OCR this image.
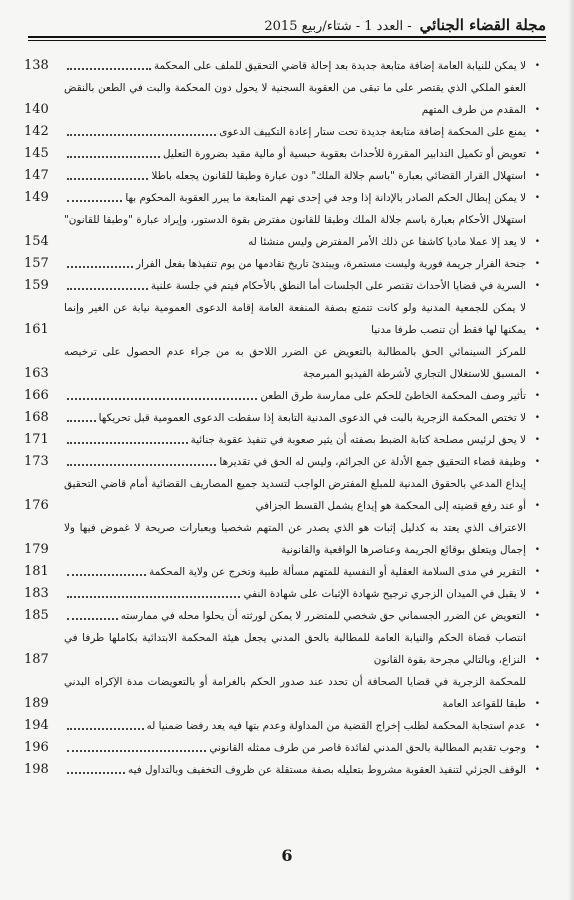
مجلة القضاء الجنائي
- العدد 1 - شتاء/ربيع 2015
•
لا يمكن للنيابة العامة إضافة متابعة جديدة بعد إحالة قاضي التحقيق للملف على المحكمة
138
•
العفو الملكي الذي يقتصر على ما تبقى من العقوبة السجنية لا يحول دون المحكمة والبت في الطعن بالنقض المقدم من طرف المتهم
140
•
يمنع على المحكمة إضافة متابعة جديدة تحت ستار إعادة التكييف الدعوى
142
•
تعويض أو تكميل التدابير المقررة للأحداث بعقوبة حبسية أو مالية مقيد بضرورة التعليل
145
•
استهلال القرار القضائي بعبارة "باسم جلالة الملك" دون عبارة وطبقا للقانون يجعله باطلا
147
•
لا يمكن إبطال الحكم الصادر بالإدانة إذا وجد في إحدى تهم المتابعة ما يبرر العقوبة المحكوم بها
149
•
استهلال الأحكام بعبارة باسم جلالة الملك وطبقا للقانون مفترض بقوة الدستور، وإيراد عبارة "وطبقا للقانون" لا يعد إلا عملا ماديا كاشفا عن ذلك الأمر المفترض وليس منشئا له
154
•
جنحة الفرار جريمة فورية وليست مستمرة، ويبتدئ تاريخ تقادمها من يوم تنفيذها بفعل الفرار
157
•
السرية في قضايا الأحداث تقتصر على الجلسات أما النطق بالأحكام فيتم في جلسة علنية
159
•
لا يمكن للجمعية المدنية ولو كانت تتمتع بصفة المنفعة العامة إقامة الدعوى العمومية نيابة عن الغير وإنما يمكنها لها فقط أن تنصب طرفا مدنيا
161
•
للمركز السينمائي الحق بالمطالبة بالتعويض عن الضرر اللاحق به من جراء عدم الحصول على ترخيصه المسبق للاستغلال التجاري لأشرطة الفيديو المبرمجة
163
•
تأثير وصف المحكمة الخاطئ للحكم على ممارسة طرق الطعن
166
•
لا تختص المحكمة الزجرية بالبت في الدعوى المدنية التابعة إذا سقطت الدعوى العمومية قبل تحريكها
168
•
لا يحق لرئيس مصلحة كتابة الضبط بصفته أن يثير صعوبة في تنفيذ عقوبة جنائية
171
•
وظيفة قضاء التحقيق جمع الأدلة عن الجرائم، وليس له الحق في تقديرها
173
•
إيداع المدعي بالحقوق المدنية للمبلغ المفترض الواجب لتسديد جميع المصاريف القضائية أمام قاضي التحقيق أو عند رفع قضيته إلى المحكمة هو إيداع يشمل القسط الجزافي
176
•
الاعتراف الذي يعتد به كدليل إثبات هو الذي يصدر عن المتهم شخصيا وبعبارات صريحة لا غموض فيها ولا إجمال ويتعلق بوقائع الجريمة وعناصرها الواقعية والقانونية
179
•
التقرير في مدى السلامة العقلية أو النفسية للمتهم مسألة طبية وتخرج عن ولاية المحكمة
181
•
لا يقبل في الميدان الزجري ترجيح شهادة الإثبات على شهادة النفي
183
•
التعويض عن الضرر الجسماني حق شخصي للمتضرر لا يمكن لورثته أن يحلوا محله في ممارسته
185
•
انتصاب قضاة الحكم والنيابة العامة للمطالبة بالحق المدني يجعل هيئة المحكمة الابتدائية بكاملها طرفا في النزاع، وبالتالي مجرحة بقوة القانون
187
•
للمحكمة الزجرية في قضايا الصحافة أن تحدد عند صدور الحكم بالغرامة أو بالتعويضات مدة الإكراه البدني طبقا للقواعد العامة
189
•
عدم استجابة المحكمة لطلب إخراج القضية من المداولة وعدم بتها فيه يعد رفضا ضمنيا له
194
•
وجوب تقديم المطالبة بالحق المدني لفائدة قاصر من طرف ممثله القانوني
196
•
الوقف الجزئي لتنفيذ العقوبة مشروط بتعليله بصفة مستقلة عن ظروف التخفيف وبالتداول فيه
198
6
